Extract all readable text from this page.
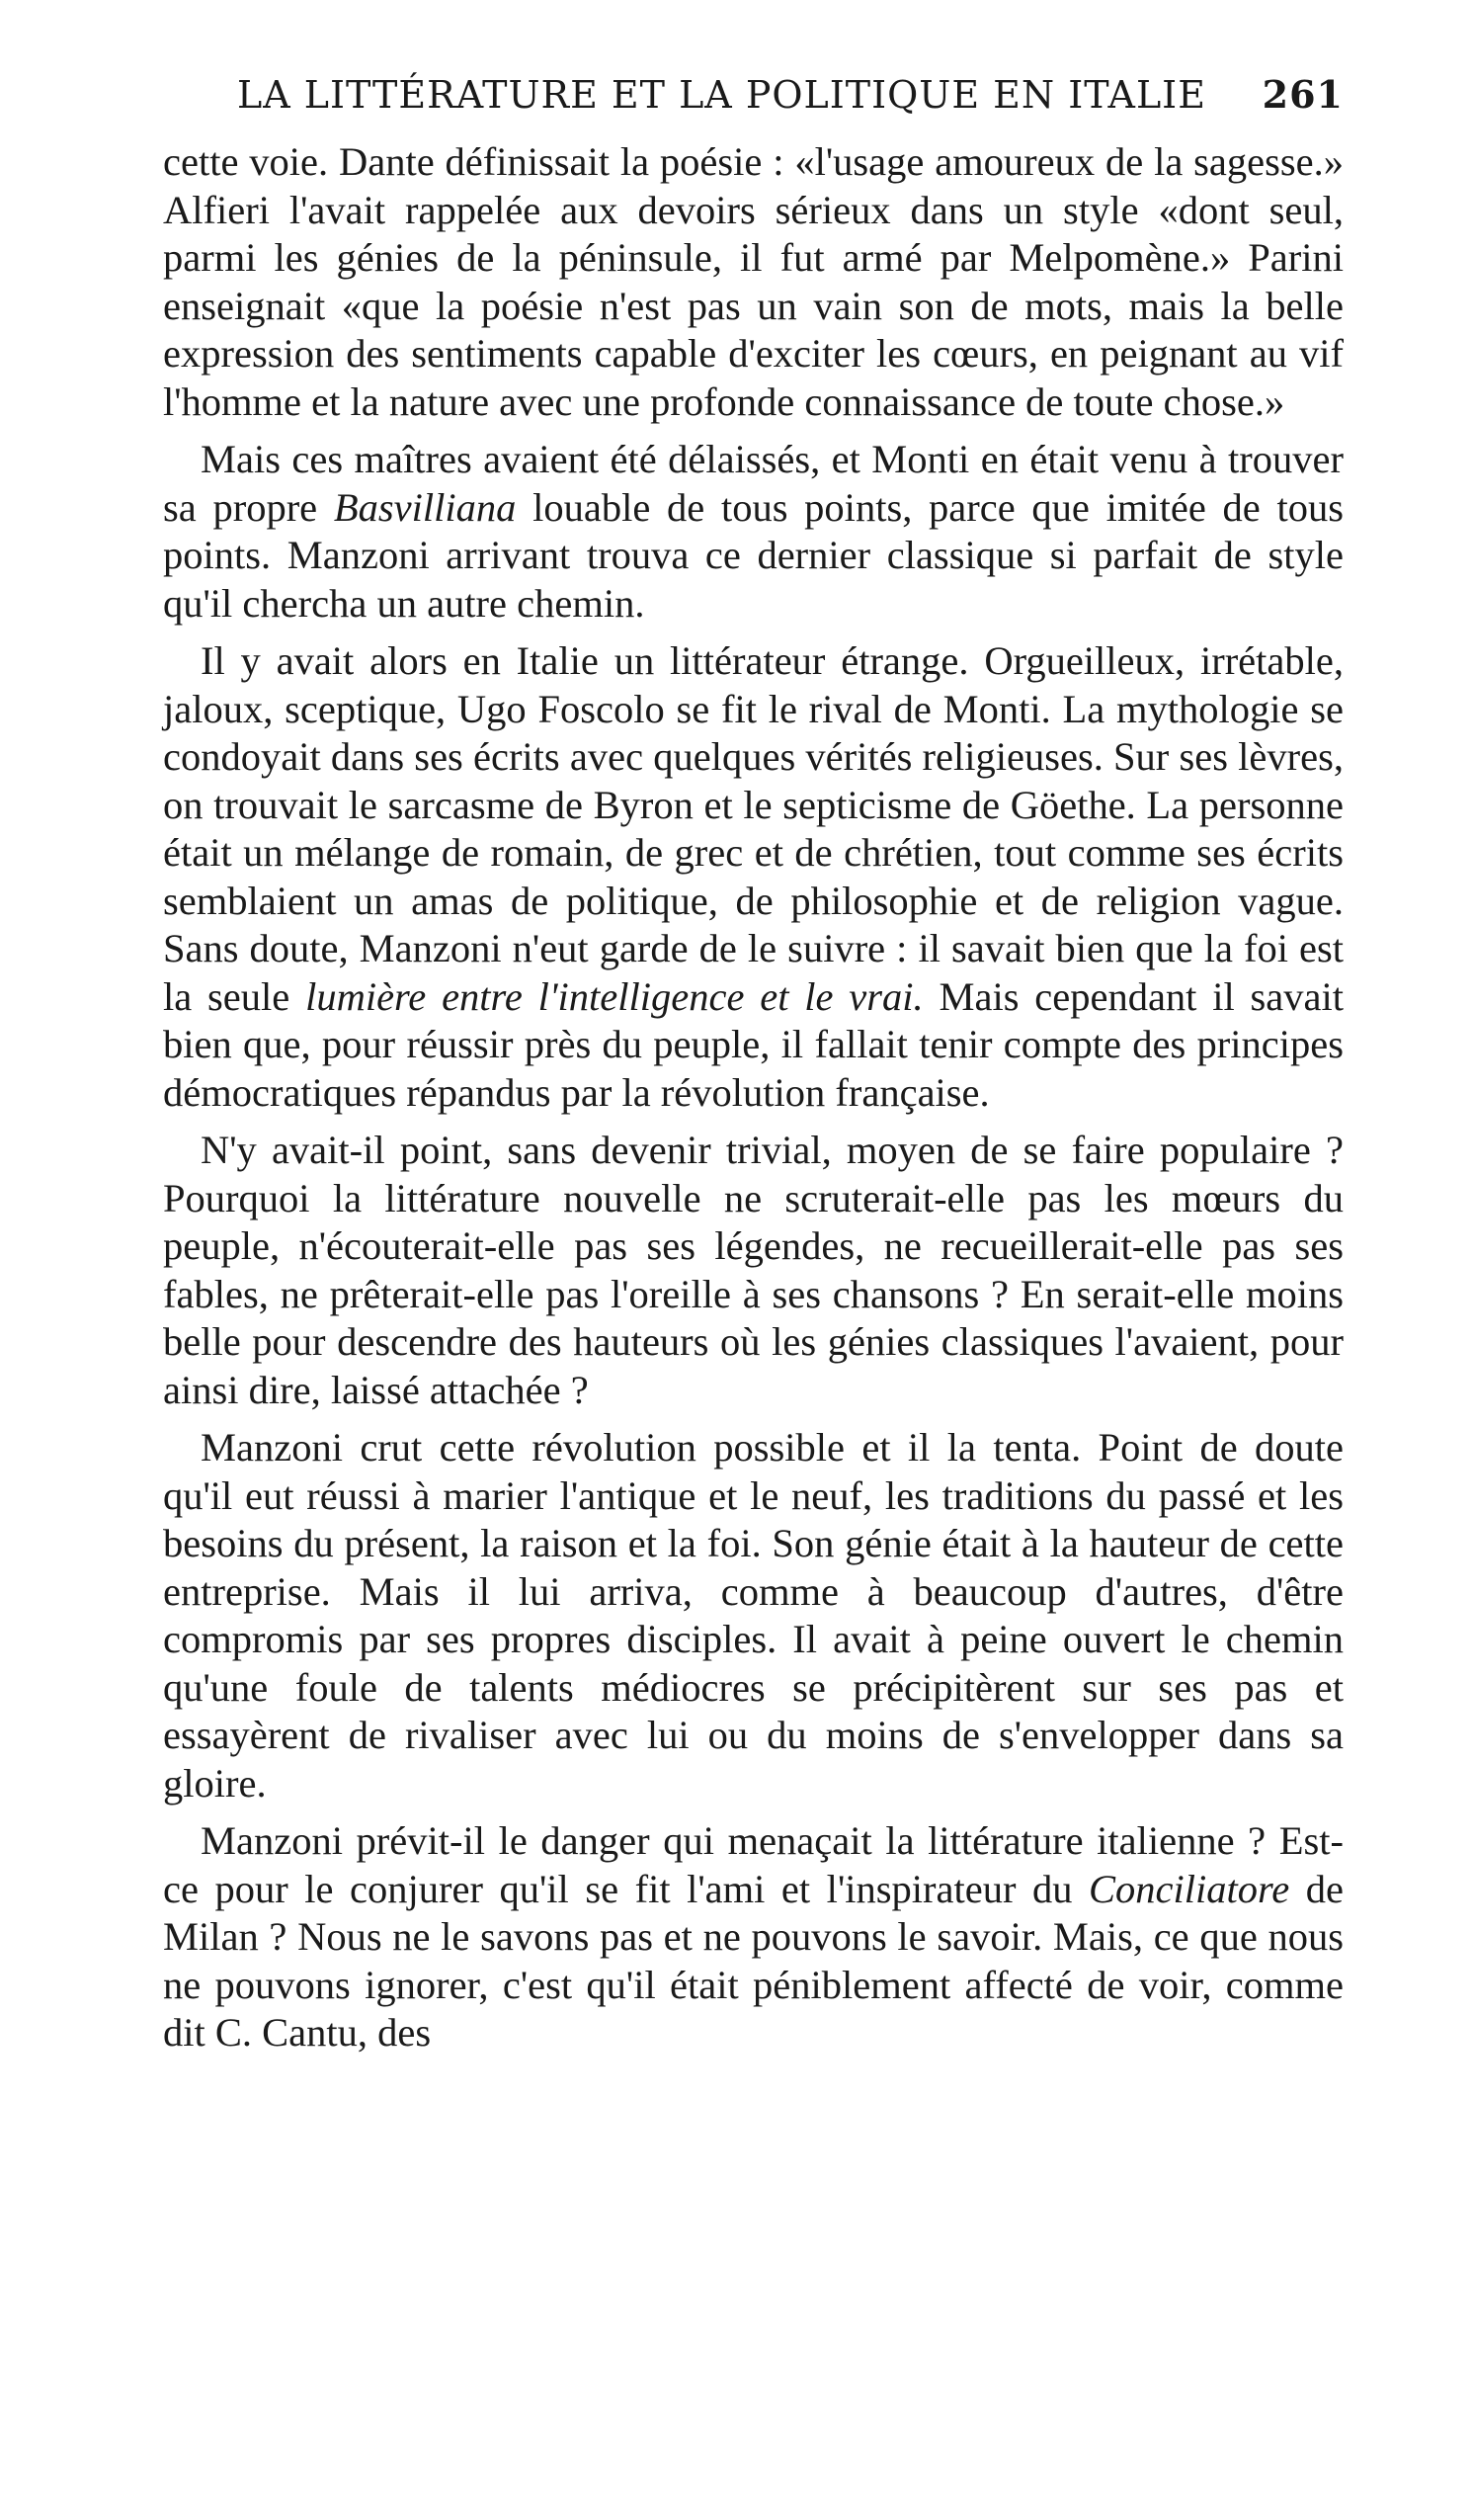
LA LITTÉRATURE ET LA POLITIQUE EN ITALIE 261

cette voie. Dante définissait la poésie : «l'usage amoureux de la sagesse.» Alfieri l'avait rappelée aux devoirs sérieux dans un style «dont seul, parmi les génies de la péninsule, il fut armé par Melpomène.» Parini enseignait «que la poésie n'est pas un vain son de mots, mais la belle expression des sentiments capable d'exciter les cœurs, en peignant au vif l'homme et la nature avec une profonde connaissance de toute chose.»

Mais ces maîtres avaient été délaissés, et Monti en était venu à trouver sa propre Basvilliana louable de tous points, parce que imitée de tous points. Manzoni arrivant trouva ce dernier classique si parfait de style qu'il chercha un autre chemin.

Il y avait alors en Italie un littérateur étrange. Orgueilleux, irrétable, jaloux, sceptique, Ugo Foscolo se fit le rival de Monti. La mythologie se condoyait dans ses écrits avec quelques vérités religieuses. Sur ses lèvres, on trouvait le sarcasme de Byron et le septicisme de Göethe. La personne était un mélange de romain, de grec et de chrétien, tout comme ses écrits semblaient un amas de politique, de philosophie et de religion vague. Sans doute, Manzoni n'eut garde de le suivre : il savait bien que la foi est la seule lumière entre l'intelligence et le vrai. Mais cependant il savait bien que, pour réussir près du peuple, il fallait tenir compte des principes démocratiques répandus par la révolution française.

N'y avait-il point, sans devenir trivial, moyen de se faire populaire ? Pourquoi la littérature nouvelle ne scruterait-elle pas les mœurs du peuple, n'écouterait-elle pas ses légendes, ne recueillerait-elle pas ses fables, ne prêterait-elle pas l'oreille à ses chansons ? En serait-elle moins belle pour descendre des hauteurs où les génies classiques l'avaient, pour ainsi dire, laissé attachée ?

Manzoni crut cette révolution possible et il la tenta. Point de doute qu'il eut réussi à marier l'antique et le neuf, les traditions du passé et les besoins du présent, la raison et la foi. Son génie était à la hauteur de cette entreprise. Mais il lui arriva, comme à beaucoup d'autres, d'être compromis par ses propres disciples. Il avait à peine ouvert le chemin qu'une foule de talents médiocres se précipitèrent sur ses pas et essayèrent de rivaliser avec lui ou du moins de s'envelopper dans sa gloire.

Manzoni prévit-il le danger qui menaçait la littérature italienne ? Est-ce pour le conjurer qu'il se fit l'ami et l'inspirateur du Conciliatore de Milan ? Nous ne le savons pas et ne pouvons le savoir. Mais, ce que nous ne pouvons ignorer, c'est qu'il était péniblement affecté de voir, comme dit C. Cantu, des
